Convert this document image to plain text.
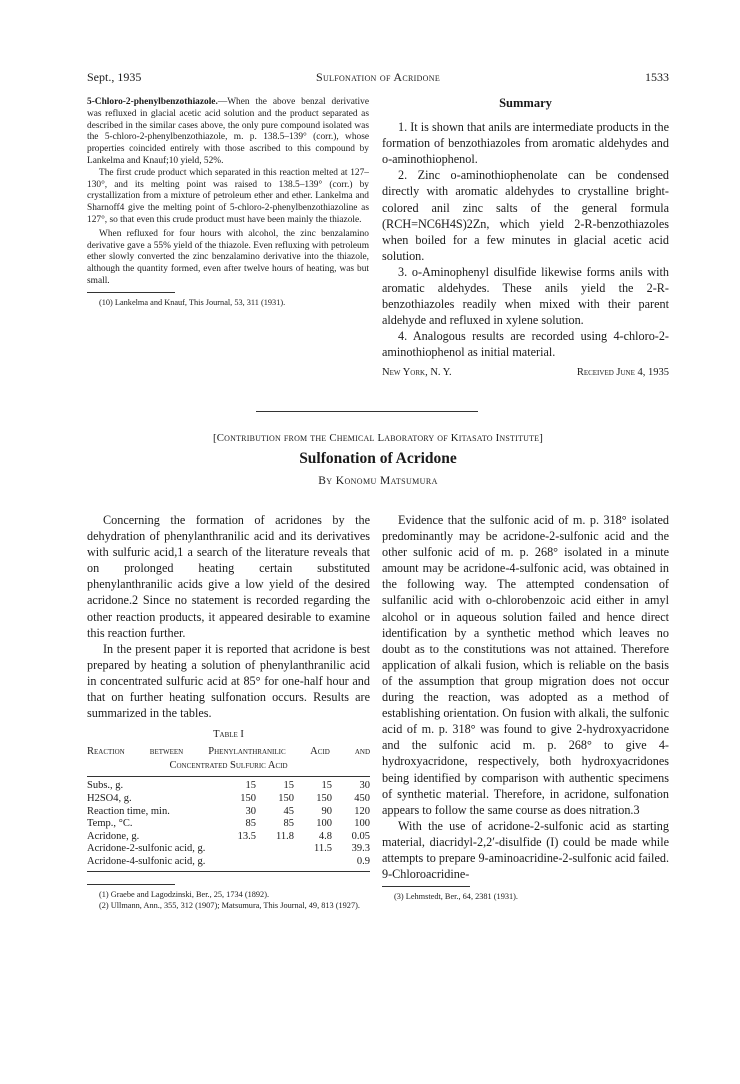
Sept., 1935	Sulfonation of Acridone	1533

5-Chloro-2-phenylbenzothiazole.—When the above benzal derivative was refluxed in glacial acetic acid solution and the product separated as described in the similar cases above, the only pure compound isolated was the 5-chloro-2-phenylbenzothiazole, m. p. 138.5–139° (corr.), whose properties coincided entirely with those ascribed to this compound by Lankelma and Knauf;10 yield, 52%.

The first crude product which separated in this reaction melted at 127–130°, and its melting point was raised to 138.5–139° (corr.) by crystallization from a mixture of petroleum ether and ether. Lankelma and Sharnoff4 give the melting point of 5-chloro-2-phenylbenzothiazoline as 127°, so that even this crude product must have been mainly the thiazole.

When refluxed for four hours with alcohol, the zinc benzalamino derivative gave a 55% yield of the thiazole. Even refluxing with petroleum ether slowly converted the zinc benzalamino derivative into the thiazole, although the quantity formed, even after twelve hours of heating, was but small.

(10) Lankelma and Knauf, This Journal, 53, 311 (1931).

Summary

1. It is shown that anils are intermediate products in the formation of benzothiazoles from aromatic aldehydes and o-aminothiophenol.

2. Zinc o-aminothiophenolate can be condensed directly with aromatic aldehydes to crystalline bright-colored anil zinc salts of the general formula (RCH=NC6H4S)2Zn, which yield 2-R-benzothiazoles when boiled for a few minutes in glacial acetic acid solution.

3. o-Aminophenyl disulfide likewise forms anils with aromatic aldehydes. These anils yield the 2-R-benzothiazoles readily when mixed with their parent aldehyde and refluxed in xylene solution.

4. Analogous results are recorded using 4-chloro-2-aminothiophenol as initial material.

New York, N. Y.	Received June 4, 1935
[Contribution from the Chemical Laboratory of Kitasato Institute]
Sulfonation of Acridone
By Konomu Matsumura

Concerning the formation of acridones by the dehydration of phenylanthranilic acid and its derivatives with sulfuric acid,1 a search of the literature reveals that on prolonged heating certain substituted phenylanthranilic acids give a low yield of the desired acridone.2 Since no statement is recorded regarding the other reaction products, it appeared desirable to examine this reaction further.

In the present paper it is reported that acridone is best prepared by heating a solution of phenylanthranilic acid in concentrated sulfuric acid at 85° for one-half hour and that on further heating sulfonation occurs. Results are summarized in the tables.

Table I
Reaction between Phenylanthranilic Acid and
Concentrated Sulfuric Acid
Subs., g.	15	15	15	30
H2SO4, g.	150	150	150	450
Reaction time, min.	30	45	90	120
Temp., °C.	85	85	100	100
Acridone, g.	13.5	11.8	4.8	0.05
Acridone-2-sulfonic acid, g.			11.5	39.3
Acridone-4-sulfonic acid, g.				0.9

(1) Graebe and Lagodzinski, Ber., 25, 1734 (1892).

(2) Ullmann, Ann., 355, 312 (1907); Matsumura, This Journal, 49, 813 (1927).

Evidence that the sulfonic acid of m. p. 318° isolated predominantly may be acridone-2-sulfonic acid and the other sulfonic acid of m. p. 268° isolated in a minute amount may be acridone-4-sulfonic acid, was obtained in the following way. The attempted condensation of sulfanilic acid with o-chlorobenzoic acid either in amyl alcohol or in aqueous solution failed and hence direct identification by a synthetic method which leaves no doubt as to the constitutions was not attained. Therefore application of alkali fusion, which is reliable on the basis of the assumption that group migration does not occur during the reaction, was adopted as a method of establishing orientation. On fusion with alkali, the sulfonic acid of m. p. 318° was found to give 2-hydroxyacridone and the sulfonic acid m. p. 268° to give 4-hydroxyacridone, respectively, both hydroxyacridones being identified by comparison with authentic specimens of synthetic material. Therefore, in acridone, sulfonation appears to follow the same course as does nitration.3

With the use of acridone-2-sulfonic acid as starting material, diacridyl-2,2′-disulfide (I) could be made while attempts to prepare 9-aminoacridine-2-sulfonic acid failed. 9-Chloroacridine-

(3) Lehmstedt, Ber., 64, 2381 (1931).
